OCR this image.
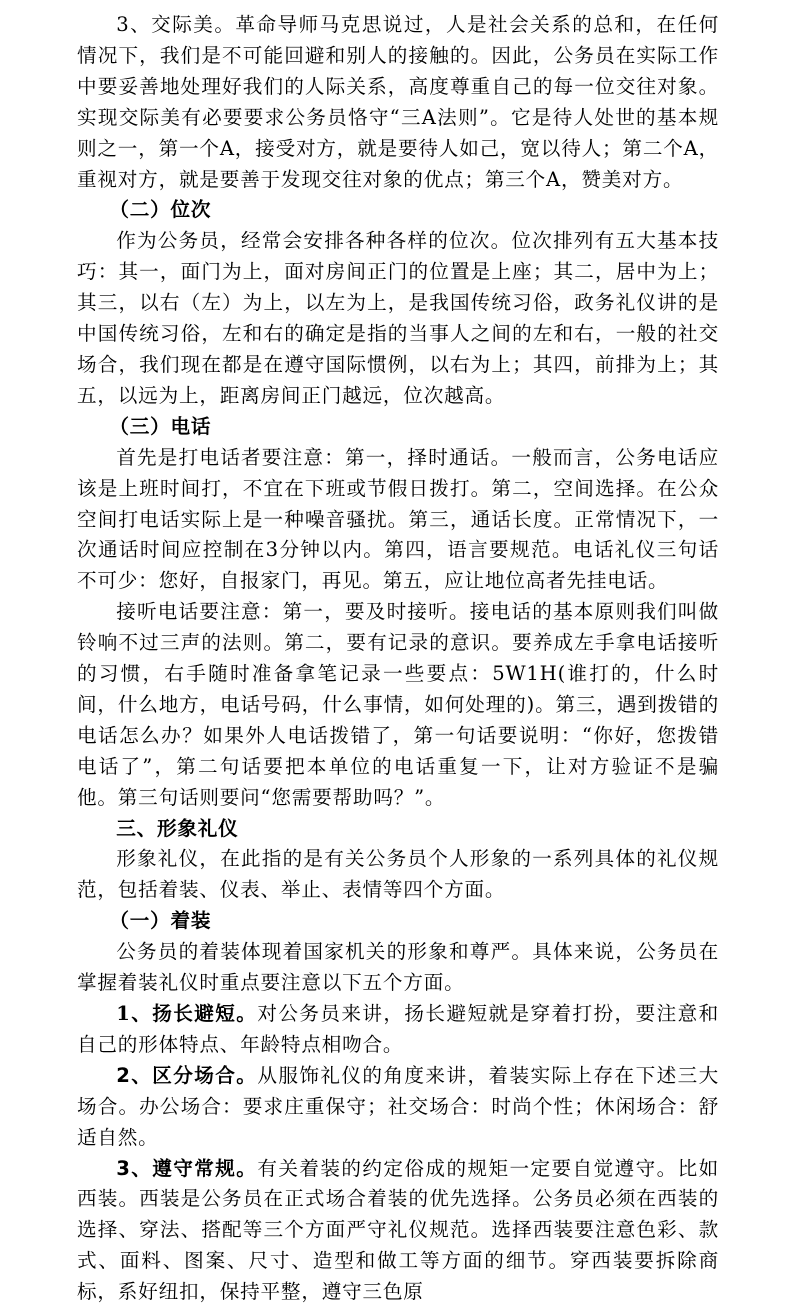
3、交际美。革命导师马克思说过，人是社会关系的总和，在任何情况下，我们是不可能回避和别人的接触的。因此，公务员在实际工作中要妥善地处理好我们的人际关系，高度尊重自己的每一位交往对象。实现交际美有必要要求公务员恪守“三A法则”。它是待人处世的基本规则之一，第一个A，接受对方，就是要待人如己，宽以待人；第二个A，重视对方，就是要善于发现交往对象的优点；第三个A，赞美对方。

（二）位次

作为公务员，经常会安排各种各样的位次。位次排列有五大基本技巧：其一，面门为上，面对房间正门的位置是上座；其二，居中为上；其三，以右（左）为上，以左为上，是我国传统习俗，政务礼仪讲的是中国传统习俗，左和右的确定是指的当事人之间的左和右，一般的社交场合，我们现在都是在遵守国际惯例，以右为上；其四，前排为上；其五，以远为上，距离房间正门越远，位次越高。

（三）电话

首先是打电话者要注意：第一，择时通话。一般而言，公务电话应该是上班时间打，不宜在下班或节假日拨打。第二，空间选择。在公众空间打电话实际上是一种噪音骚扰。第三，通话长度。正常情况下，一次通话时间应控制在3分钟以内。第四，语言要规范。电话礼仪三句话不可少：您好，自报家门，再见。第五，应让地位高者先挂电话。

接听电话要注意：第一，要及时接听。接电话的基本原则我们叫做铃响不过三声的法则。第二，要有记录的意识。要养成左手拿电话接听的习惯，右手随时准备拿笔记录一些要点：5W1H(谁打的，什么时间，什么地方，电话号码，什么事情，如何处理的)。第三，遇到拨错的电话怎么办？如果外人电话拨错了，第一句话要说明：“你好，您拨错电话了”，第二句话要把本单位的电话重复一下，让对方验证不是骗他。第三句话则要问“您需要帮助吗？”。

三、形象礼仪

形象礼仪，在此指的是有关公务员个人形象的一系列具体的礼仪规范，包括着装、仪表、举止、表情等四个方面。

（一）着装

公务员的着装体现着国家机关的形象和尊严。具体来说，公务员在掌握着装礼仪时重点要注意以下五个方面。

1、扬长避短。对公务员来讲，扬长避短就是穿着打扮，要注意和自己的形体特点、年龄特点相吻合。

2、区分场合。从服饰礼仪的角度来讲，着装实际上存在下述三大场合。办公场合：要求庄重保守；社交场合：时尚个性；休闲场合：舒适自然。

3、遵守常规。有关着装的约定俗成的规矩一定要自觉遵守。比如西装。西装是公务员在正式场合着装的优先选择。公务员必须在西装的选择、穿法、搭配等三个方面严守礼仪规范。选择西装要注意色彩、款式、面料、图案、尺寸、造型和做工等方面的细节。穿西装要拆除商标，系好纽扣，保持平整，遵守三色原
